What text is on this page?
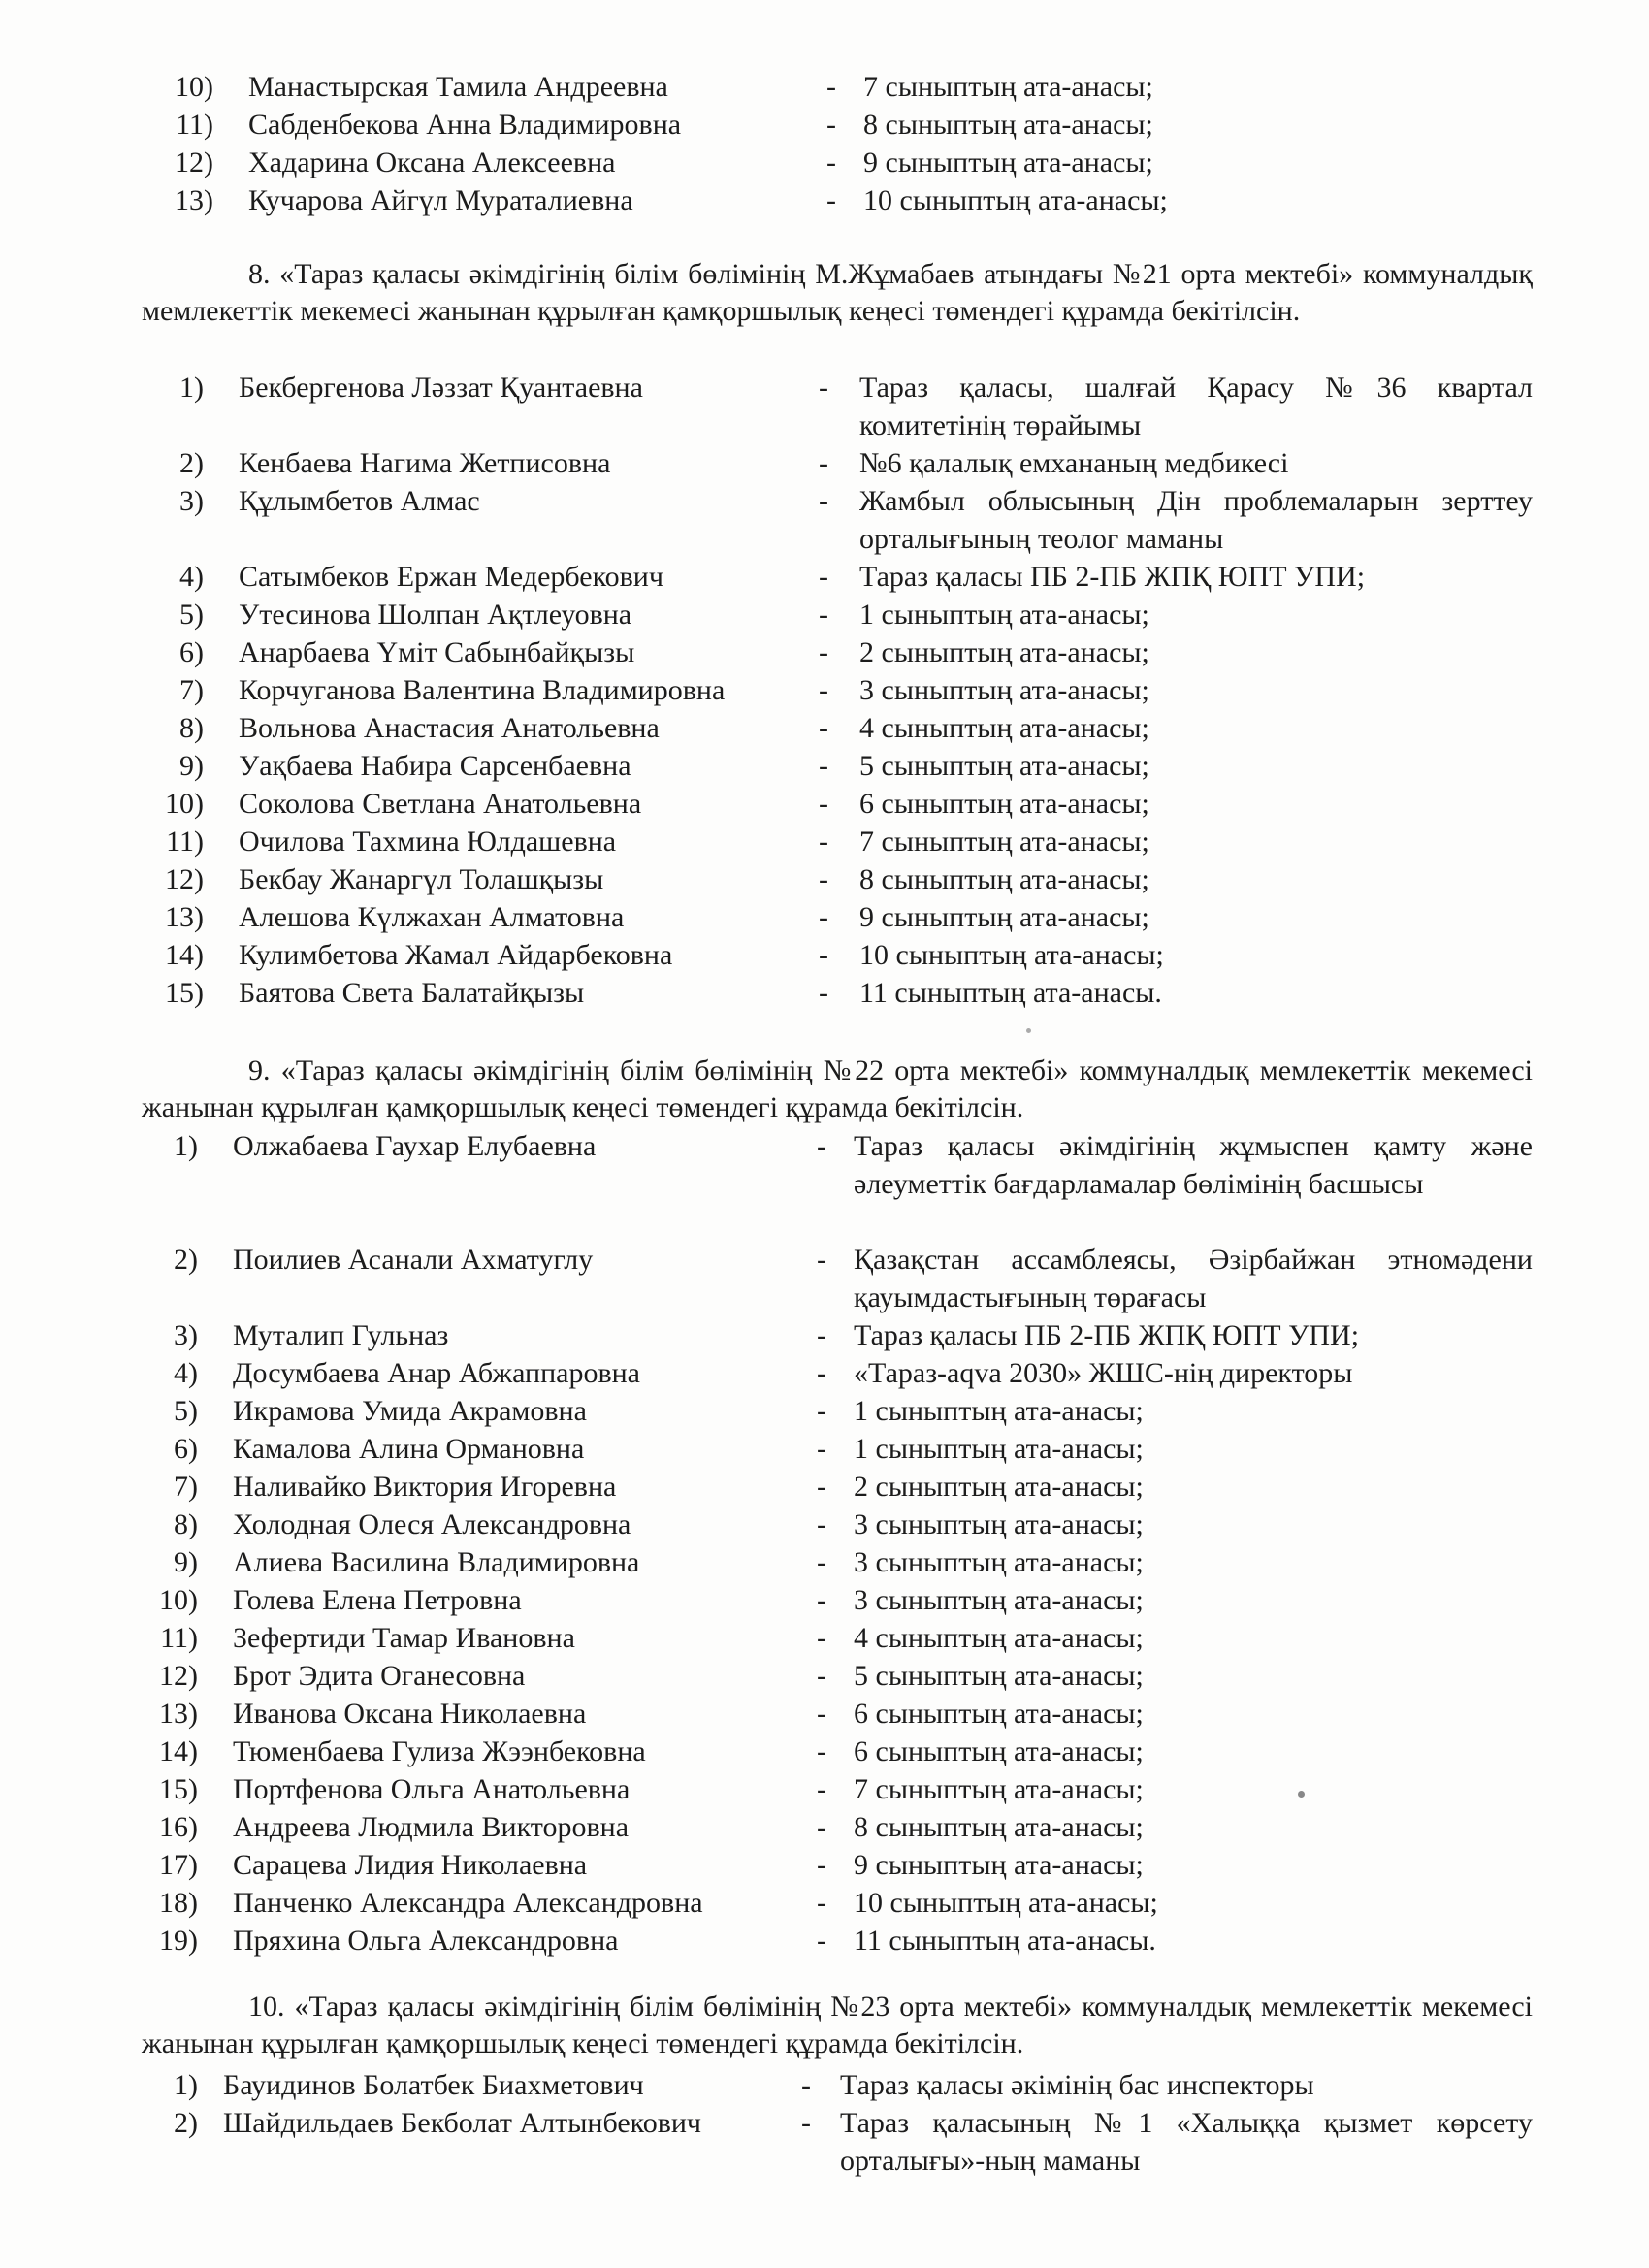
10) Манастырская Тамила Андреевна	- 7 сыныптың ата-анасы;
11) Сабденбекова Анна Владимировна	- 8 сыныптың ата-анасы;
12) Хадарина Оксана Алексеевна	- 9 сыныптың ата-анасы;
13) Кучарова Айгүл Мураталиевна	- 10 сыныптың ата-анасы;
8. «Тараз қаласы әкімдігінің білім бөлімінің М.Жұмабаев атындағы №21 орта мектебі» коммуналдық мемлекеттік мекемесі жанынан құрылған қамқоршылық кеңесі төмендегі құрамда бекітілсін.
1) Бекбергенова Ләззат Қуантаевна	- Тараз қаласы, шалғай Қарасу №36 квартал комитетінің төрайымы
2) Кенбаева Нагима Жетписовна	- №6 қалалық емхананың медбикесі
3) Құлымбетов Алмас	- Жамбыл облысының Дін проблемаларын зерттеу орталығының теолог маманы
4) Сатымбеков Ержан Медербекович	- Тараз қаласы ПБ 2-ПБ ЖПҚ ЮПТ УПИ;
5) Утесинова Шолпан Ақтлеуовна	- 1 сыныптың ата-анасы;
6) Анарбаева Үміт Сабынбайқызы	- 2 сыныптың ата-анасы;
7) Корчуганова Валентина Владимировна	- 3 сыныптың ата-анасы;
8) Вольнова Анастасия Анатольевна	- 4 сыныптың ата-анасы;
9) Уақбаева Набира Сарсенбаевна	- 5 сыныптың ата-анасы;
10) Соколова Светлана Анатольевна	- 6 сыныптың ата-анасы;
11) Очилова Тахмина Юлдашевна	- 7 сыныптың ата-анасы;
12) Бекбау Жанаргүл Толашқызы	- 8 сыныптың ата-анасы;
13) Алешова Күлжахан Алматовна	- 9 сыныптың ата-анасы;
14) Кулимбетова Жамал Айдарбековна	- 10 сыныптың ата-анасы;
15) Баятова Света Балатайқызы	- 11 сыныптың ата-анасы.
9. «Тараз қаласы әкімдігінің білім бөлімінің №22 орта мектебі» коммуналдық мемлекеттік мекемесі жанынан құрылған қамқоршылық кеңесі төмендегі құрамда бекітілсін.
1) Олжабаева Гаухар Елубаевна	- Тараз қаласы әкімдігінің жұмыспен қамту және әлеуметтік бағдарламалар бөлімінің басшысы
2) Поилиев Асанали Ахматуглу	- Қазақстан ассамблеясы, Әзірбайжан этномәдени қауымдастығының төрағасы
3) Муталип Гульназ	- Тараз қаласы ПБ 2-ПБ ЖПҚ ЮПТ УПИ;
4) Досумбаева Анар Абжаппаровна	- «Тараз-aqva 2030» ЖШС-нің директоры
5) Икрамова Умида Акрамовна	- 1 сыныптың ата-анасы;
6) Камалова Алина Ормановна	- 1 сыныптың ата-анасы;
7) Наливайко Виктория Игоревна	- 2 сыныптың ата-анасы;
8) Холодная Олеся Александровна	- 3 сыныптың ата-анасы;
9) Алиева Василина Владимировна	- 3 сыныптың ата-анасы;
10) Голева Елена Петровна	- 3 сыныптың ата-анасы;
11) Зефертиди Тамар Ивановна	- 4 сыныптың ата-анасы;
12) Брот Эдита Оганесовна	- 5 сыныптың ата-анасы;
13) Иванова Оксана Николаевна	- 6 сыныптың ата-анасы;
14) Тюменбаева Гулиза Жээнбековна	- 6 сыныптың ата-анасы;
15) Портфенова Ольга Анатольевна	- 7 сыныптың ата-анасы;
16) Андреева Людмила Викторовна	- 8 сыныптың ата-анасы;
17) Сарацева Лидия Николаевна	- 9 сыныптың ата-анасы;
18) Панченко Александра Александровна	- 10 сыныптың ата-анасы;
19) Пряхина Ольга Александровна	- 11 сыныптың ата-анасы.
10. «Тараз қаласы әкімдігінің білім бөлімінің №23 орта мектебі» коммуналдық мемлекеттік мекемесі жанынан құрылған қамқоршылық кеңесі төмендегі құрамда бекітілсін.
1) Бауидинов Болатбек Биахметович	- Тараз қаласы әкімінің бас инспекторы
2) Шайдильдаев Бекболат Алтынбекович	- Тараз қаласының №1 «Халыққа қызмет көрсету орталығы»-ның маманы
